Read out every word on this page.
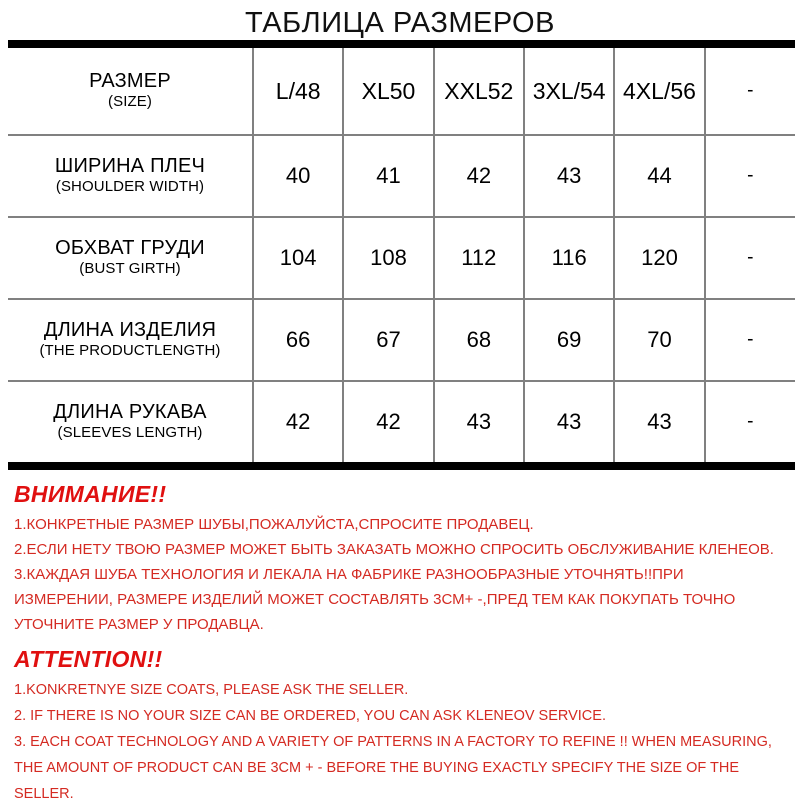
ТАБЛИЦА РАЗМЕРОВ
РАЗМЕР
(SIZE)	L/48	XL50	XXL52	3XL/54	4XL/56	-

ШИРИНА ПЛЕЧ
(SHOULDER WIDTH)	40	41	42	43	44	-

ОБХВАТ ГРУДИ
(BUST GIRTH)	104	108	112	116	120	-

ДЛИНА ИЗДЕЛИЯ
(THE PRODUCTLENGTH)	66	67	68	69	70	-

ДЛИНА РУКАВА
(SLEEVES LENGTH)	42	42	43	43	43	-
ВНИМАНИЕ!!

1.КОНКРЕТНЫЕ РАЗМЕР ШУБЫ,ПОЖАЛУЙСТА,СПРОСИТЕ ПРОДАВЕЦ.

2.ЕСЛИ НЕТУ ТВОЮ РАЗМЕР МОЖЕТ БЫТЬ ЗАКАЗАТЬ МОЖНО СПРОСИТЬ ОБСЛУЖИВАНИЕ КЛЕНЕОВ.

3.КАЖДАЯ ШУБА ТЕХНОЛОГИЯ И ЛЕКАЛА НА ФАБРИКЕ РАЗНООБРАЗНЫЕ УТОЧНЯТЬ!!ПРИ ИЗМЕРЕНИИ, РАЗМЕРЕ ИЗДЕЛИЙ МОЖЕТ СОСТАВЛЯТЬ 3СМ+ -,ПРЕД ТЕМ КАК ПОКУПАТЬ ТОЧНО УТОЧНИТЕ РАЗМЕР У ПРОДАВЦА.

ATTENTION!!

1.KONKRETNYE SIZE COATS, PLEASE ASK THE SELLER.

2. IF THERE IS NO YOUR SIZE CAN BE ORDERED, YOU CAN ASK KLENEOV SERVICE.

3. EACH COAT TECHNOLOGY AND A VARIETY OF PATTERNS IN A FACTORY TO REFINE !! WHEN MEASURING, THE AMOUNT OF PRODUCT CAN BE 3CM + - BEFORE THE BUYING EXACTLY SPECIFY THE SIZE OF THE SELLER.
